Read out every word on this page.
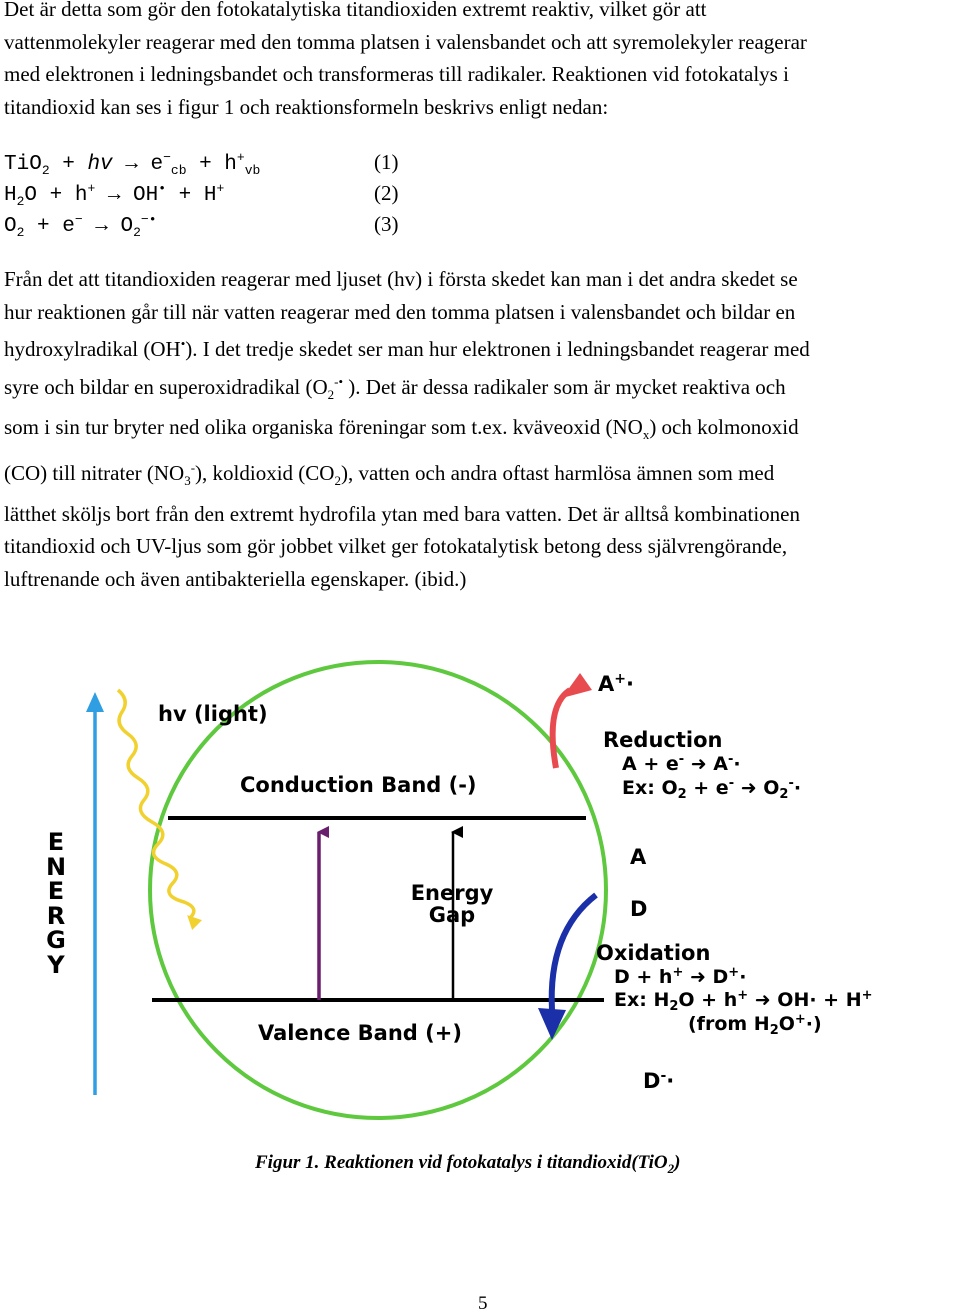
Det är detta som gör den fotokatalytiska titandioxiden extremt reaktiv, vilket gör att
vattenmolekyler reagerar med den tomma platsen i valensbandet och att syremolekyler reagerar
med elektronen i ledningsbandet och transformeras till radikaler. Reaktionen vid fotokatalys i
titandioxid kan ses i figur 1 och reaktionsformeln beskrivs enligt nedan:
TiO$_2$ + hv → $e^-_{cb} + h^+_{vb}$	(1)
$H_2O + h^+ \to OH^• + H^+$	(2)
$O_2 + e^- \to O_2^{-•}$	(3)
Från det att titandioxiden reagerar med ljuset (hv) i första skedet kan man i det andra skedet se
hur reaktionen går till när vatten reagerar med den tomma platsen i valensbandet och bildar en
hydroxylradikal (OH•). I det tredje skedet ser man hur elektronen i ledningsbandet reagerar med
syre och bildar en superoxidradikal ($O_2^{-•}$ ). Det är dessa radikaler som är mycket reaktiva och
som i sin tur bryter ned olika organiska föreningar som t.ex. kväveoxid $(NO_x)$ och kolmonoxid
(CO) till nitrater $(NO_3^-)$, koldioxid $(CO_2)$, vatten och andra oftast harmlösa ämnen som med
lätthet sköljs bort från den extremt hydrofila ytan med bara vatten. Det är alltså kombinationen
titandioxid och UV-ljus som gör jobbet vilket ger fotokatalytisk betong dess självrengörande,
luftrenande och även antibakteriella egenskaper. (ibid.)
E
N
E
R
G
Y
Conduction Band (-)
Valence Band (+)
hv (light)
Energy
Gap
A+·
Reduction
A + e- ➜ A-·
Ex: $O_2 + e^-$ ➜ $O_2^-\cdot$
A
D
Oxidation
D + h+ ➜ D+·
Ex: $H_2O + h^+$ ➜ OH· + H+
(from $H_2O^+\cdot$)
D-·
Figur 1. Reaktionen vid fotokatalys i titandioxid(TiO$_2$)
5
